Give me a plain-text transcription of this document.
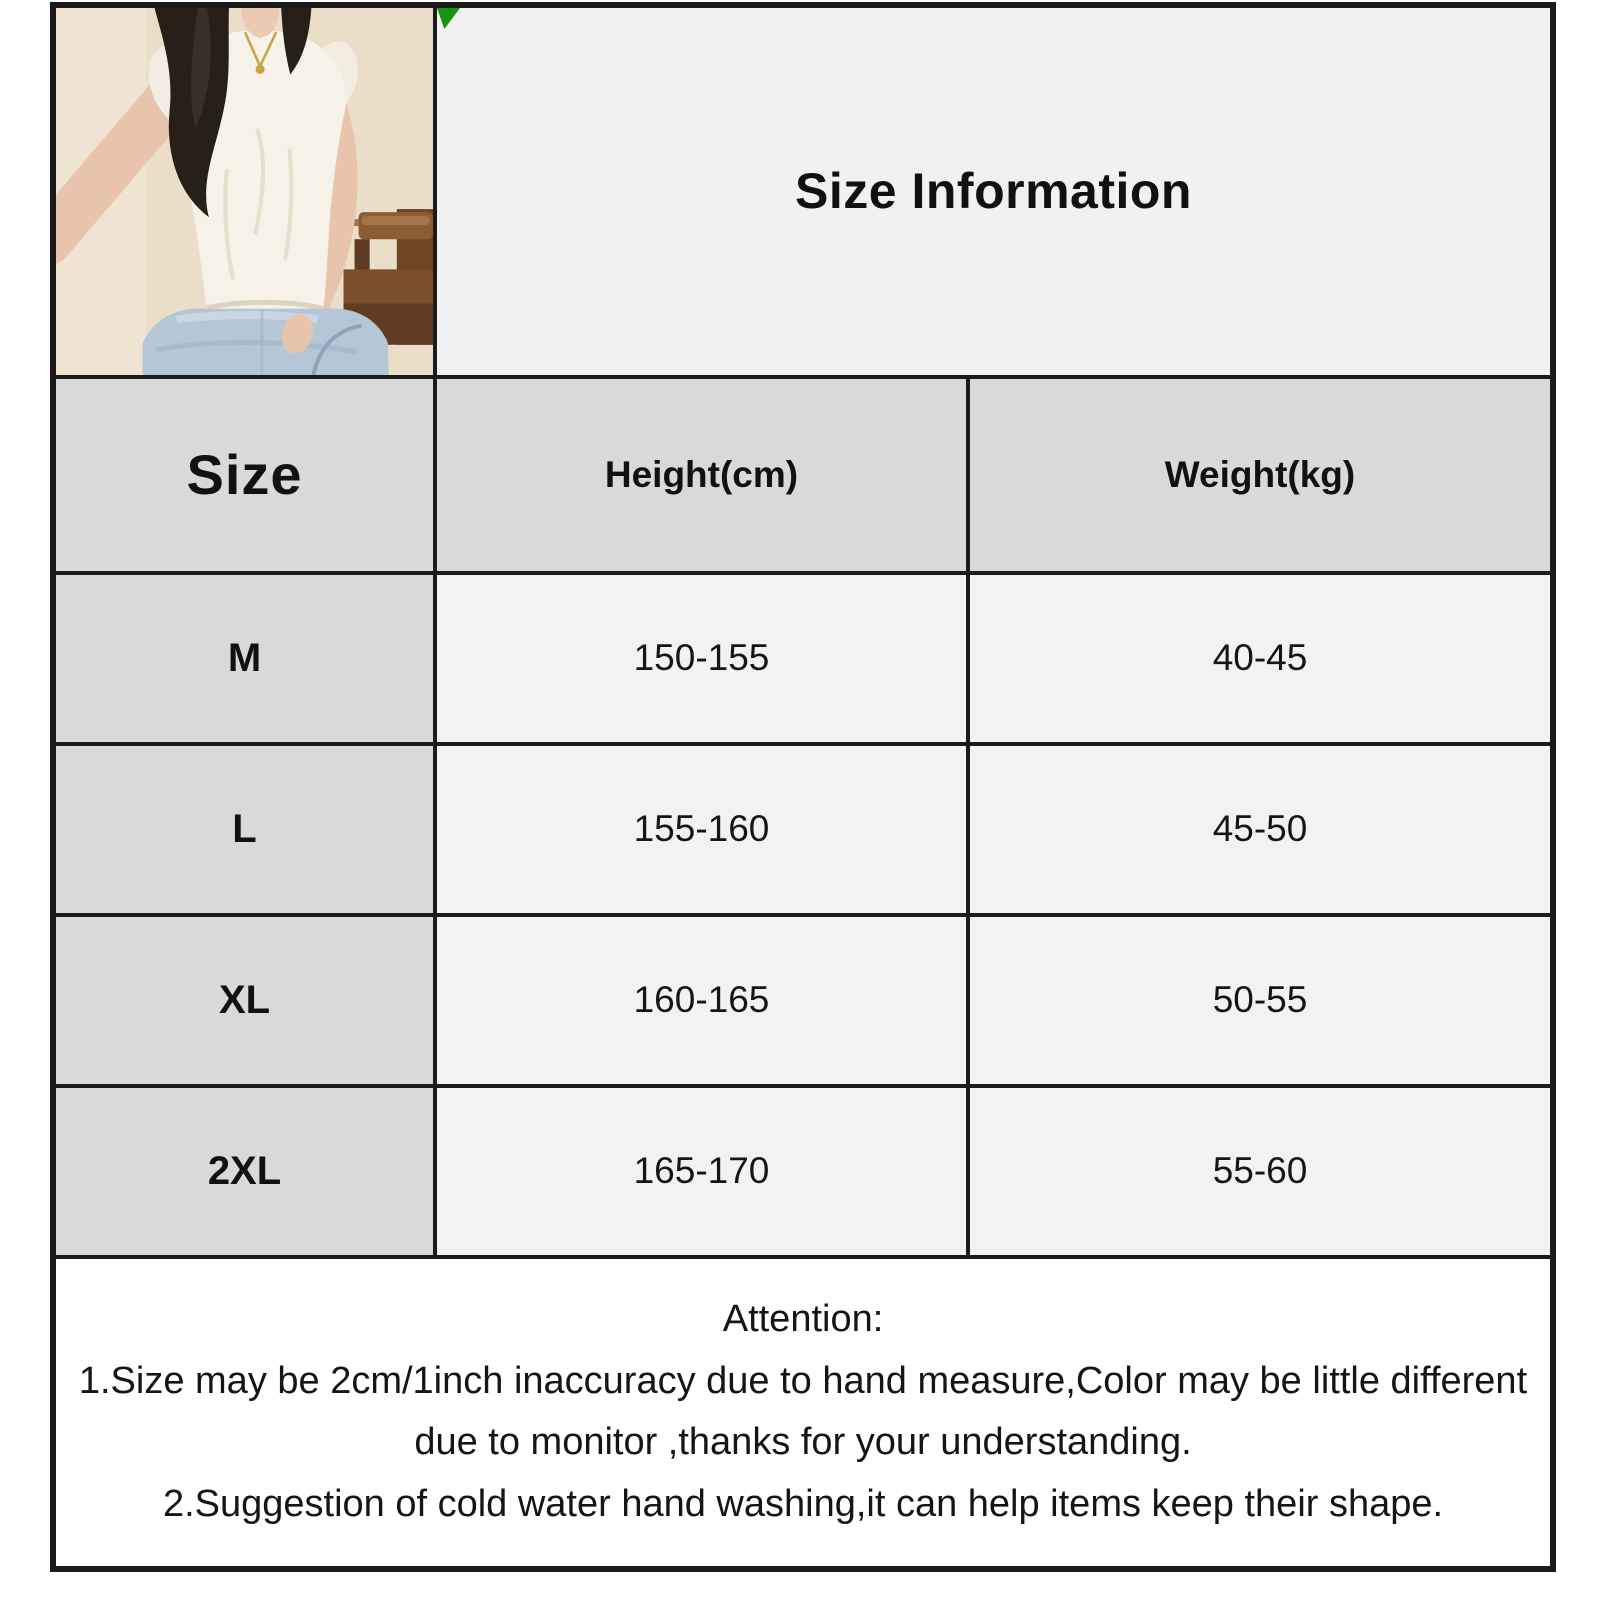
Size Information	
Size	Height(cm)	Weight(kg)
M	150-155	40-45
L	155-160	45-50
XL	160-165	50-55
2XL	165-170	55-60

Attention:
1.Size may be 2cm/1inch inaccuracy due to hand measure,Color may be little different due to monitor ,thanks for your understanding.
2.Suggestion of cold water hand washing,it can help items keep their shape.		
